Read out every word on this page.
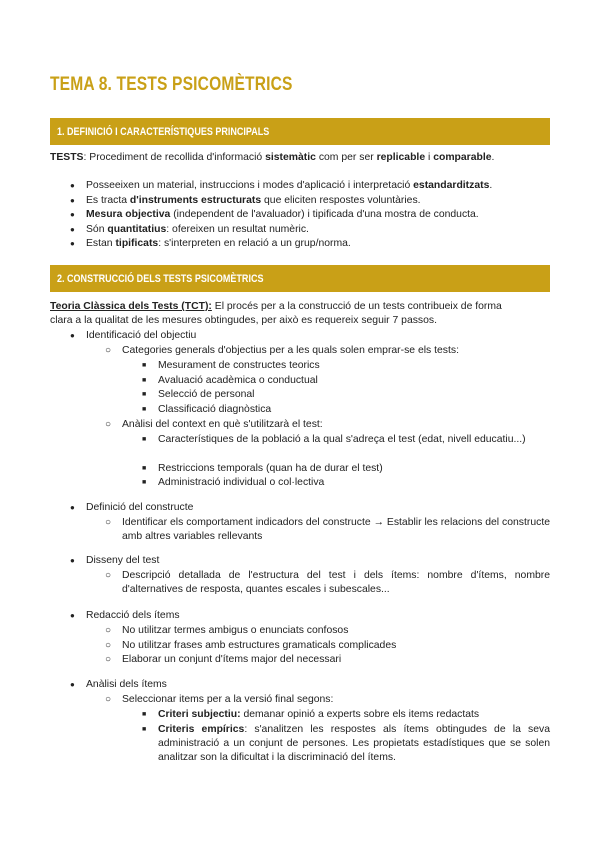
TEMA 8. TESTS PSICOMÈTRICS
1. DEFINICIÓ I CARACTERÍSTIQUES PRINCIPALS
TESTS: Procediment de recollida d'informació sistemàtic com per ser replicable i comparable.
● Posseeixen un material, instruccions i modes d'aplicació i interpretació estandarditzats.
● Es tracta d'instruments estructurats que eliciten respostes voluntàries.
● Mesura objectiva (independent de l'avaluador) i tipificada d'una mostra de conducta.
● Són quantitatius: ofereixen un resultat numèric.
● Estan tipificats: s'interpreten en relació a un grup/norma.
2. CONSTRUCCIÓ DELS TESTS PSICOMÈTRICS
Teoria Clàssica dels Tests (TCT): El procés per a la construcció de un tests contribueix de forma
clara a la qualitat de les mesures obtingudes, per això es requereix seguir 7 passos.
● Identificació del objectiu
○ Categories generals d'objectius per a les quals solen emprar-se els tests:
■ Mesurament de constructes teorics
■ Avaluació acadèmica o conductual
■ Selecció de personal
■ Classificació diagnòstica
○ Anàlisi del context en què s'utilitzarà el test:
■ Característiques de la població a la qual s'adreça el test (edat, nivell educatiu...)
■ Restriccions temporals (quan ha de durar el test)
■ Administració individual o col·lectiva
● Definició del constructe
○ Identificar els comportament indicadors del constructe → Establir les relacions del constructe amb altres variables rellevants
● Disseny del test
○ Descripció detallada de l'estructura del test i dels ítems: nombre d'ítems, nombre d'alternatives de resposta, quantes escales i subescales...
● Redacció dels ítems
○ No utilitzar termes ambigus o enunciats confosos
○ No utilitzar frases amb estructures gramaticals complicades
○ Elaborar un conjunt d'ítems major del necessari
● Anàlisi dels ítems
○ Seleccionar items per a la versió final segons:
■ Criteri subjectiu: demanar opinió a experts sobre els items redactats
■ Criteris empírics: s'analitzen les respostes als ítems obtingudes de la seva administració a un conjunt de persones. Les propietats estadístiques que se solen analitzar son la dificultat i la discriminació del ítems.
